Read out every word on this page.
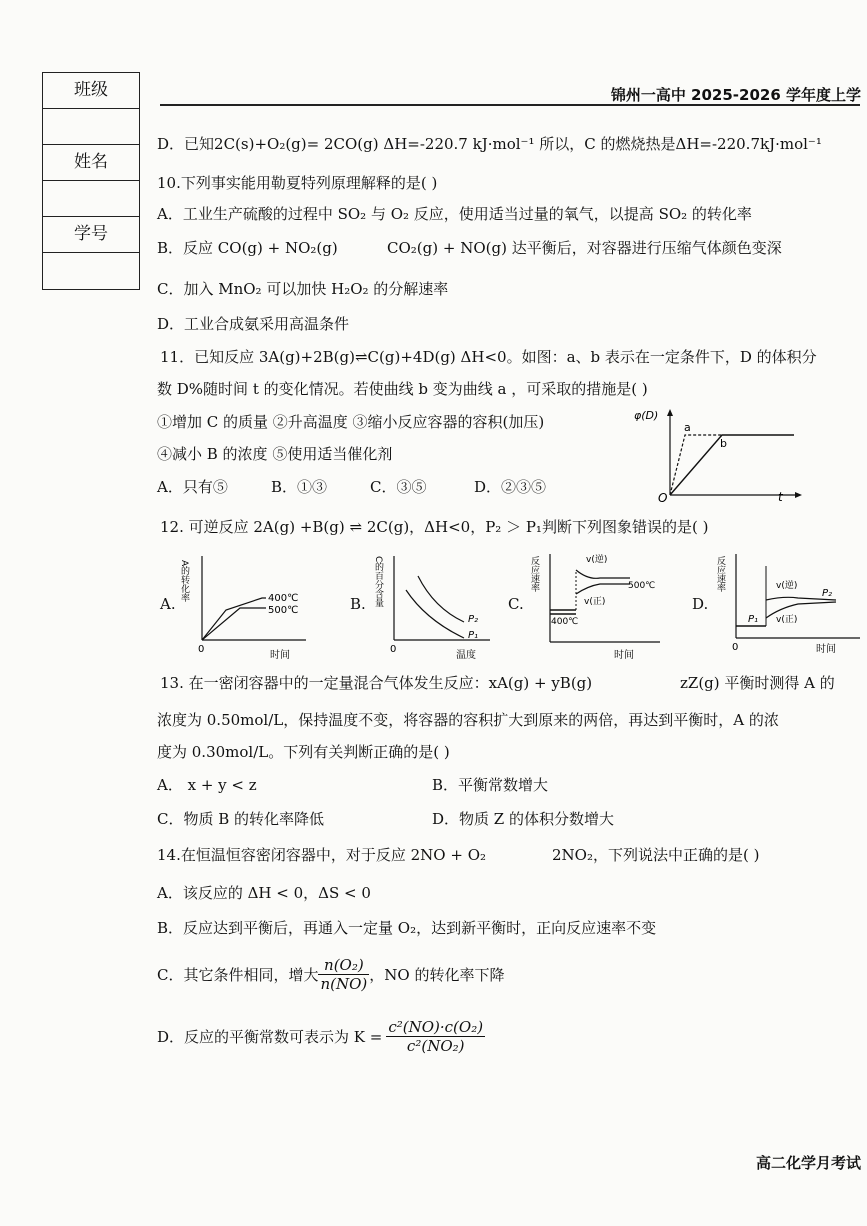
班级
姓名
学号
锦州一高中 2025-2026 学年度上学
D．已知2C(s)+O₂(g)= 2CO(g) ΔH=-220.7 kJ·mol⁻¹ 所以，C 的燃烧热是ΔH=-220.7kJ·mol⁻¹
10.下列事实能用勒夏特列原理解释的是( )
A．工业生产硫酸的过程中 SO₂ 与 O₂ 反应，使用适当过量的氧气，以提高 SO₂ 的转化率
B．反应 CO(g) + NO₂(g)	CO₂(g) + NO(g) 达平衡后，对容器进行压缩气体颜色变深
C．加入 MnO₂ 可以加快 H₂O₂ 的分解速率
D．工业合成氨采用高温条件
11．已知反应 3A(g)+2B(g)⇌C(g)+4D(g) ΔH<0。如图：a、b 表示在一定条件下，D 的体积分
数 D%随时间 t 的变化情况。若使曲线 b 变为曲线 a ，可采取的措施是( )
①增加 C 的质量 ②升高温度 ③缩小反应容器的容积(加压)
④减小 B 的浓度 ⑤使用适当催化剂
A．只有⑤	B．①③	C．③⑤	D．②③⑤
φ(D)
t
O
a
b
12. 可逆反应 2A(g) +B(g) ⇌ 2C(g)，ΔH<0，P₂ ＞ P₁判断下列图象错误的是( )
A.
A的转化率
0
时间
400℃
500℃	B. C的百分含量
0
温度
P₂
P₁
C.
反应速率
时间
400℃
500℃
v(逆)
v(正)	D.
反应速率
0	时间
P₁
P₂
v(逆)
v(正)
13. 在一密闭容器中的一定量混合气体发生反应：xA(g) + yB(g)	zZ(g) 平衡时测得 A 的
浓度为 0.50mol/L，保持温度不变，将容器的容积扩大到原来的两倍，再达到平衡时，A 的浓
度为 0.30mol/L。下列有关判断正确的是( )
A． x + y < z	B．平衡常数增大
C．物质 B 的转化率降低	D．物质 Z 的体积分数增大
14.在恒温恒容密闭容器中，对于反应 2NO + O₂	2NO₂，下列说法中正确的是( )
A．该反应的 ΔH < 0，ΔS < 0
B．反应达到平衡后，再通入一定量 O₂，达到新平衡时，正向反应速率不变
C．其它条件相同，增大 $\frac{\text{n(O₂)}}{n(NO)}$ ，NO 的转化率下降
D．反应的平衡常数可表示为 $K = \frac{\text{c²(NO)·c(O₂)}}{\text{c²(NO₂)}}$
高二化学月考试
